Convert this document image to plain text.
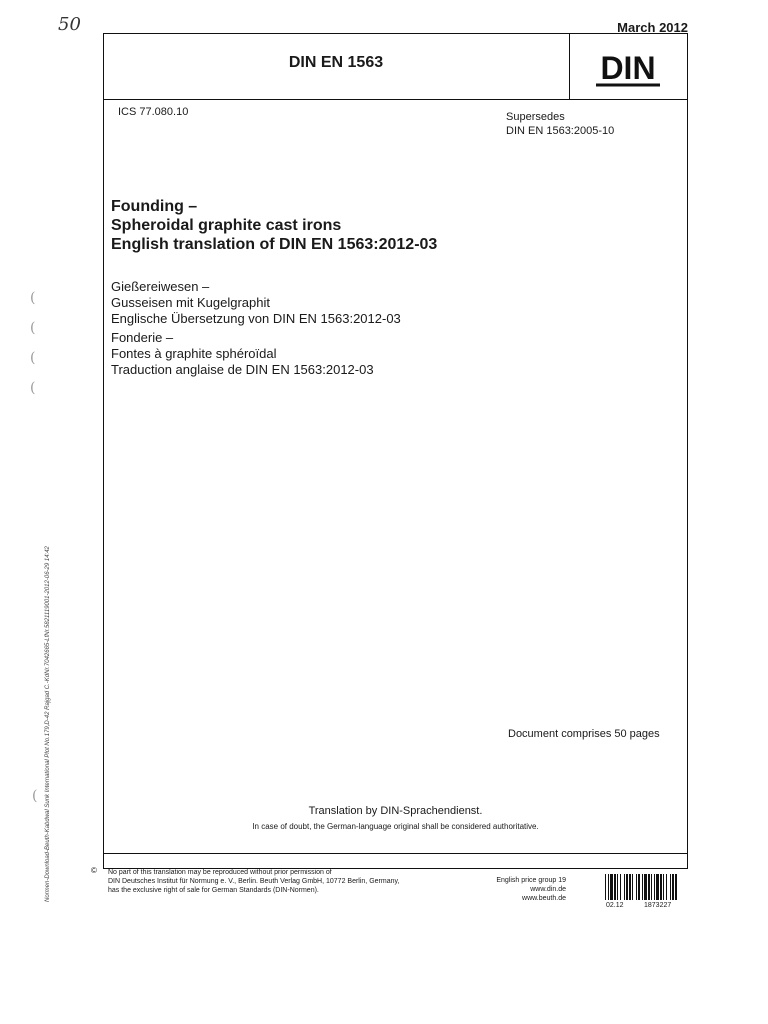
50	March 2012
DIN EN 1563	DIN
ICS 77.080.10	Supersedes
DIN EN 1563:2005-10
Founding –
Spheroidal graphite cast irons
English translation of DIN EN 1563:2012-03
Gießereiwesen –
Gusseisen mit Kugelgraphit
Englische Übersetzung von DIN EN 1563:2012-03
Fonderie –
Fontes à graphite sphéroïdal
Traduction anglaise de DIN EN 1563:2012-03
Document comprises 50 pages
Translation by DIN-Sprachendienst.
In case of doubt, the German-language original shall be considered authoritative.
© No part of this translation may be reproduced without prior permission of
DIN Deutsches Institut für Normung e. V., Berlin. Beuth Verlag GmbH, 10772 Berlin, Germany,
has the exclusive right of sale for German Standards (DIN-Normen).
English price group 19
www.din.de
www.beuth.de
02.12	1873227
Normen-Download-Beuth-Kabdwal Sunk International Plot No.179,D-42 Rajgad C.-KdNr.7042665-LfNr.5821119001-2012-06-29 14:42
(
(
(
(
(
